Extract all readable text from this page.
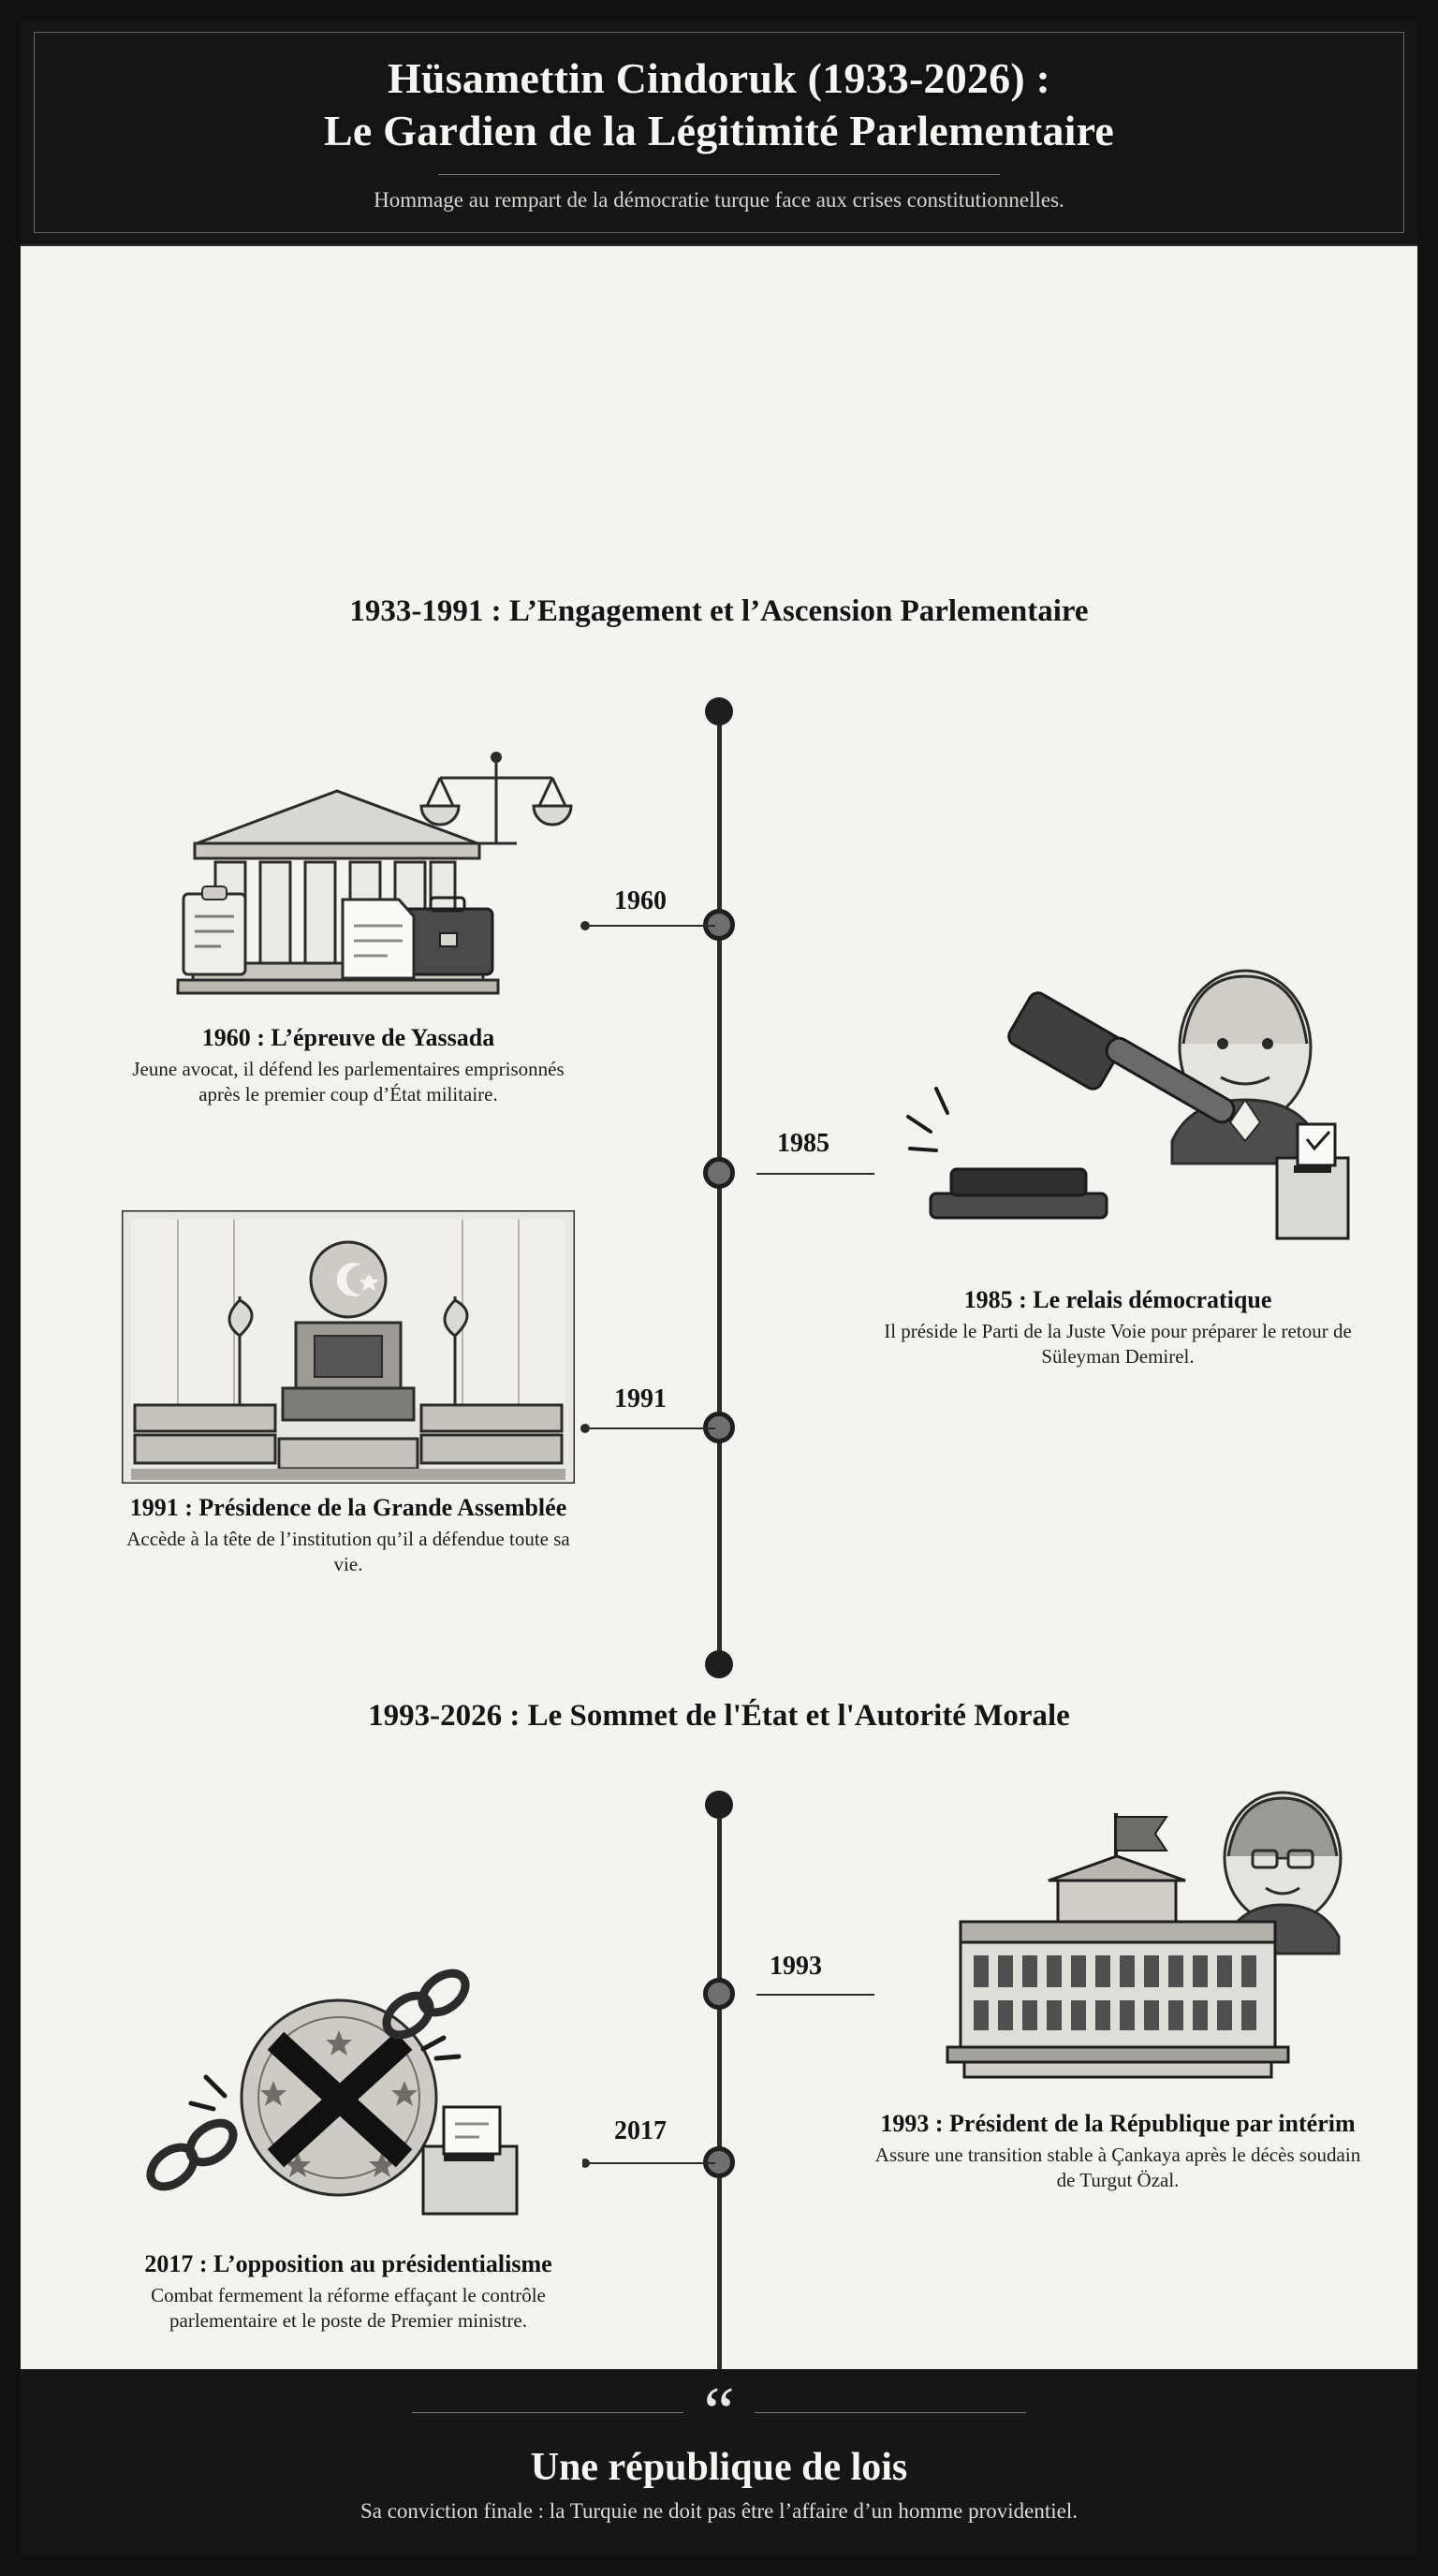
Hüsamettin Cindoruk (1933-2026) :
Le Gardien de la Légitimité Parlementaire

Hommage au rempart de la démocratie turque face aux crises constitutionnelles.

1933-1991 : L’Engagement et l’Ascension Parlementaire
1960
1985
1991
1960 : L’épreuve de Yassada

Jeune avocat, il défend les parlementaires emprisonnés après le premier coup d’État militaire.

1985 : Le relais démocratique

Il préside le Parti de la Juste Voie pour préparer le retour de Süleyman Demirel.

1991 : Présidence de la Grande Assemblée

Accède à la tête de l’institution qu’il a défendue toute sa vie.

1993-2026 : Le Sommet de l'État et l'Autorité Morale
1993
2017	1993 : Président de la République par intérim

Assure une transition stable à Çankaya après le décès soudain de Turgut Özal.

2017 : L’opposition au présidentialisme

Combat fermement la réforme effaçant le contrôle parlementaire et le poste de Premier ministre.

“
Une république de lois

Sa conviction finale : la Turquie ne doit pas être l’affaire d’un homme providentiel.
